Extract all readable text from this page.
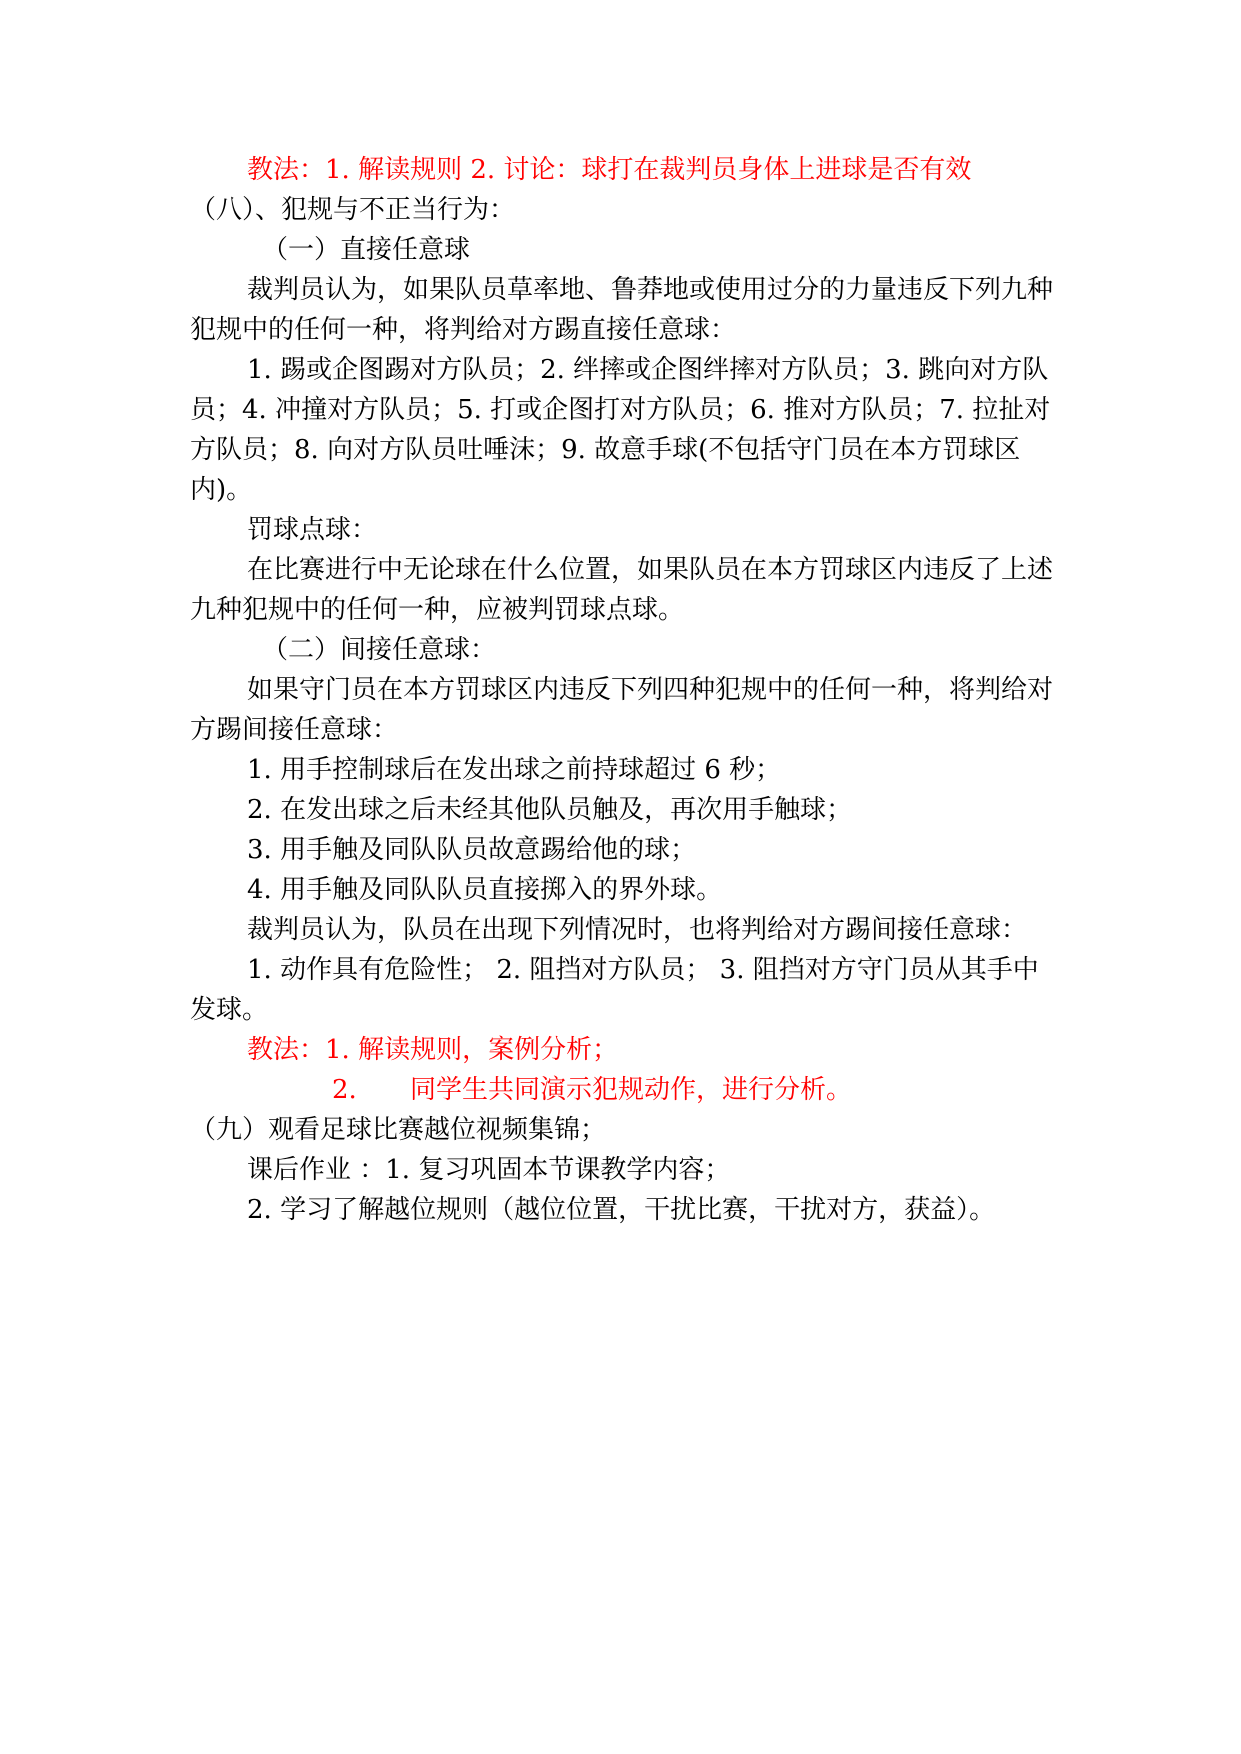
教法：1. 解读规则 2. 讨论：球打在裁判员身体上进球是否有效
（八）、犯规与不正当行为：
（一）直接任意球
裁判员认为，如果队员草率地、鲁莽地或使用过分的力量违反下列九种犯规中的任何一种，将判给对方踢直接任意球：
1. 踢或企图踢对方队员；2. 绊摔或企图绊摔对方队员；3. 跳向对方队员；4. 冲撞对方队员；5. 打或企图打对方队员；6. 推对方队员；7. 拉扯对方队员；8. 向对方队员吐唾沫；9. 故意手球(不包括守门员在本方罚球区内)。
罚球点球：
在比赛进行中无论球在什么位置，如果队员在本方罚球区内违反了上述九种犯规中的任何一种，应被判罚球点球。
（二）间接任意球：
如果守门员在本方罚球区内违反下列四种犯规中的任何一种，将判给对方踢间接任意球：
1. 用手控制球后在发出球之前持球超过 6 秒；
2. 在发出球之后未经其他队员触及，再次用手触球；
3. 用手触及同队队员故意踢给他的球；
4. 用手触及同队队员直接掷入的界外球。
裁判员认为，队员在出现下列情况时，也将判给对方踢间接任意球：
1. 动作具有危险性； 2. 阻挡对方队员； 3. 阻挡对方守门员从其手中发球。
教法：1. 解读规则，案例分析；
2. 同学生共同演示犯规动作，进行分析。
（九）观看足球比赛越位视频集锦；
课后作业 ：1. 复习巩固本节课教学内容；
2. 学习了解越位规则（越位位置，干扰比赛，干扰对方，获益）。
